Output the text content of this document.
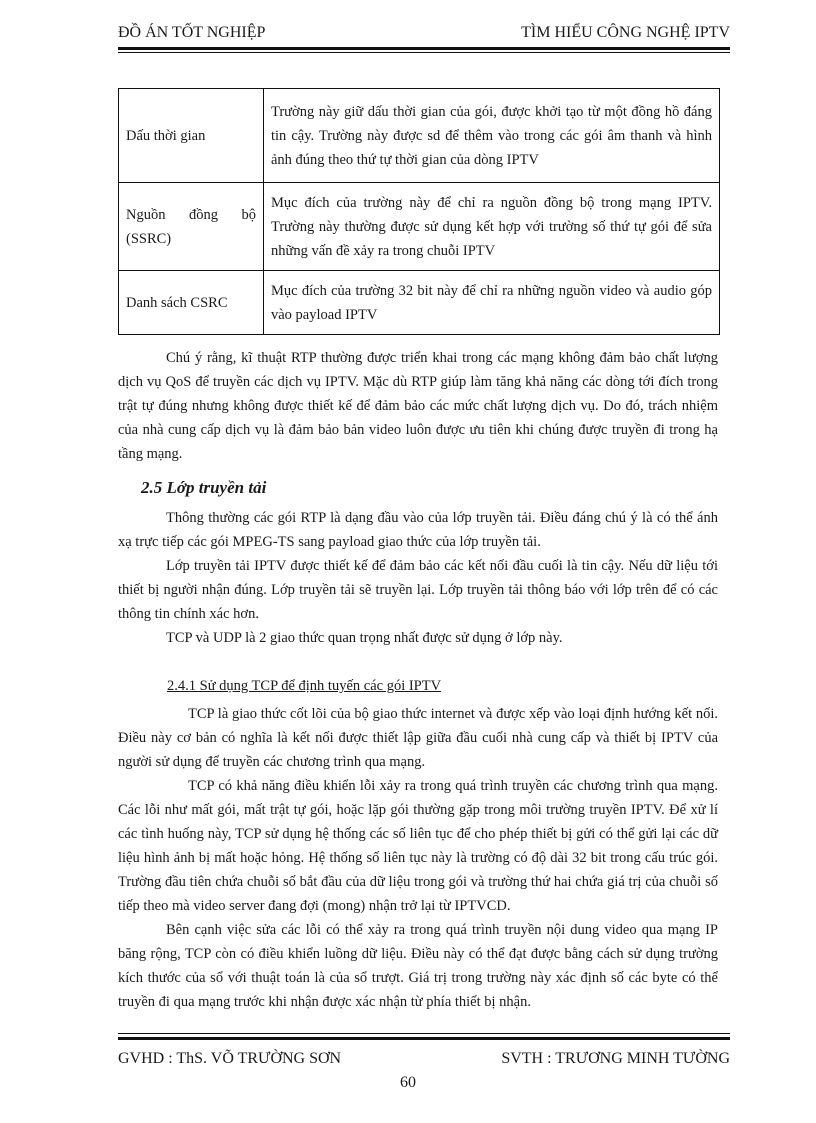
ĐỒ ÁN TỐT NGHIỆP	TÌM HIỂU CÔNG NGHỆ IPTV
Dấu thời gian	Trường này giữ dấu thời gian của gói, được khởi tạo từ một đồng hồ đáng tin cậy. Trường này được sd để thêm vào trong các gói âm thanh và hình ảnh đúng theo thứ tự thời gian của dòng IPTV
Nguồn đồng bộ (SSRC)	Mục đích của trường này để chỉ ra nguồn đồng bộ trong mạng IPTV. Trường này thường được sử dụng kết hợp với trường số thứ tự gói để sửa những vấn đề xảy ra trong chuỗi IPTV
Danh sách CSRC	Mục đích của trường 32 bit này để chỉ ra những nguồn video và audio góp vào payload IPTV

Chú ý rằng, kĩ thuật RTP thường được triển khai trong các mạng không đảm bảo chất lượng dịch vụ QoS để truyền các dịch vụ IPTV. Mặc dù RTP giúp làm tăng khả năng các dòng tới đích trong trật tự đúng nhưng không được thiết kế để đảm bảo các mức chất lượng dịch vụ. Do đó, trách nhiệm của nhà cung cấp dịch vụ là đảm bảo bản video luôn được ưu tiên khi chúng được truyền đi trong hạ tầng mạng.

2.5 Lớp truyền tải

Thông thường các gói RTP là dạng đầu vào của lớp truyền tải. Điều đáng chú ý là có thể ánh xạ trực tiếp các gói MPEG-TS sang payload giao thức của lớp truyền tải.

Lớp truyền tải IPTV được thiết kế để đảm bảo các kết nối đầu cuối là tin cậy. Nếu dữ liệu tới thiết bị người nhận đúng. Lớp truyền tải sẽ truyền lại. Lớp truyền tải thông báo với lớp trên để có các thông tin chính xác hơn.

TCP và UDP là 2 giao thức quan trọng nhất được sử dụng ở lớp này.

2.4.1 Sử dụng TCP để định tuyến các gói IPTV

TCP là giao thức cốt lõi của bộ giao thức internet và được xếp vào loại định hướng kết nối. Điều này cơ bản có nghĩa là kết nối được thiết lập giữa đầu cuối nhà cung cấp và thiết bị IPTV của người sử dụng để truyền các chương trình qua mạng.

TCP có khả năng điều khiển lỗi xảy ra trong quá trình truyền các chương trình qua mạng. Các lỗi như mất gói, mất trật tự gói, hoặc lặp gói thường gặp trong môi trường truyền IPTV. Để xử lí các tình huống này, TCP sử dụng hệ thống các số liên tục để cho phép thiết bị gửi có thể gửi lại các dữ liệu hình ảnh bị mất hoặc hỏng. Hệ thống số liên tục này là trường có độ dài 32 bit trong cấu trúc gói. Trường đầu tiên chứa chuỗi số bắt đầu của dữ liệu trong gói và trường thứ hai chứa giá trị của chuỗi số tiếp theo mà video server đang đợi (mong) nhận trở lại từ IPTVCD.

Bên cạnh việc sửa các lỗi có thể xảy ra trong quá trình truyền nội dung video qua mạng IP băng rộng, TCP còn có điều khiển luồng dữ liệu. Điều này có thể đạt được bằng cách sử dụng trường kích thước của sổ với thuật toán là của sổ trượt. Giá trị trong trường này xác định số các byte có thể truyền đi qua mạng trước khi nhận được xác nhận từ phía thiết bị nhận.

GVHD : ThS. VÕ TRƯỜNG SƠN	SVTH : TRƯƠNG MINH TƯỜNG
60
